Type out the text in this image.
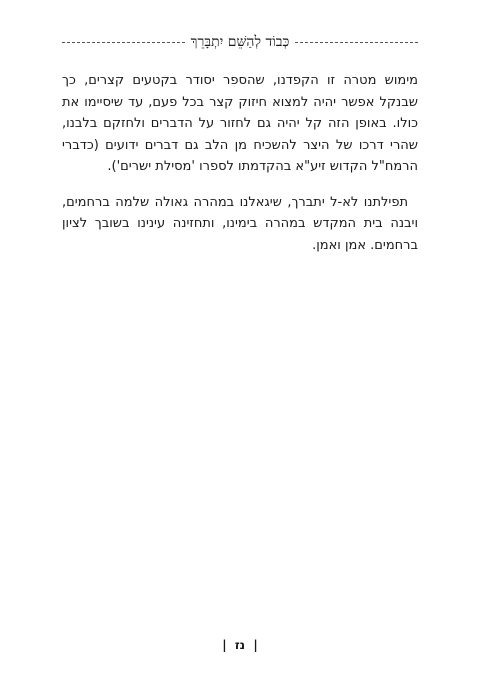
כְּבוֹד לְהַשֵּׁם יִתְבָּרֵךְ

מימוש מטרה זו הקפדנו, שהספר יסודר בקטעים קצרים, כך שבנקל אפשר יהיה למצוא חיזוק קצר בכל פעם, עד שיסיימו את כולו. באופן הזה קל יהיה גם לחזור על הדברים ולחזקם בלבנו, שהרי דרכו של היצר להשכיח מן הלב גם דברים ידועים (כדברי הרמח"ל הקדוש זיע"א בהקדמתו לספרו 'מסילת ישרים').

תפילתנו לא-ל יתברך, שיגאלנו במהרה גאולה שלמה ברחמים, ויבנה בית המקדש במהרה בימינו, ותחזינה עינינו בשובך לציון ברחמים. אמן ואמן.

| נז |
